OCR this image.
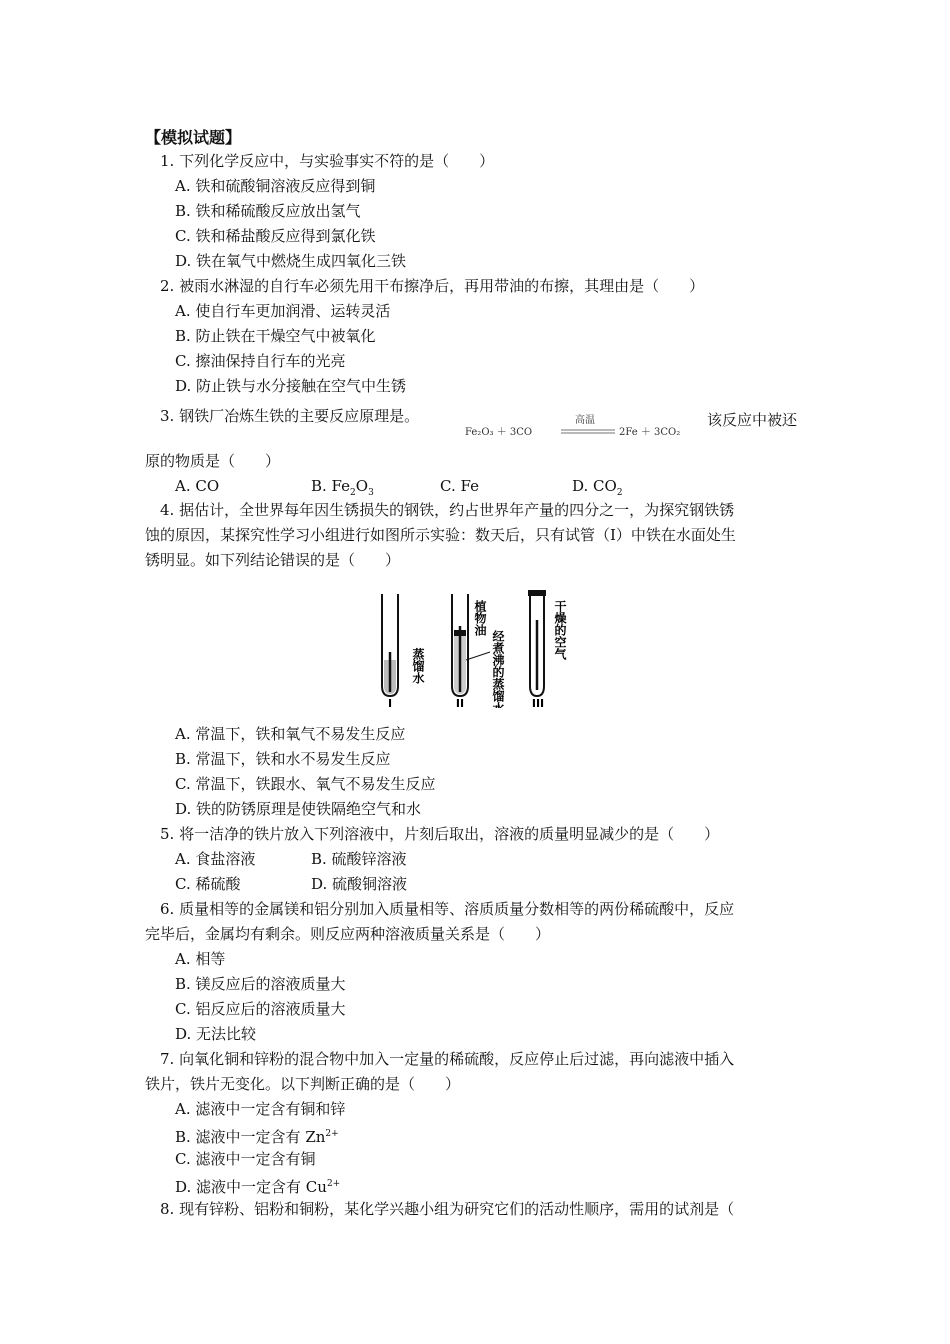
【模拟试题】
1. 下列化学反应中，与实验事实不符的是（　　）
A. 铁和硫酸铜溶液反应得到铜
B. 铁和稀硫酸反应放出氢气
C. 铁和稀盐酸反应得到氯化铁
D. 铁在氧气中燃烧生成四氧化三铁
2. 被雨水淋湿的自行车必须先用干布擦净后，再用带油的布擦，其理由是（　　）
A. 使自行车更加润滑、运转灵活
B. 防止铁在干燥空气中被氧化
C. 擦油保持自行车的光亮
D. 防止铁与水分接触在空气中生锈
3. 钢铁厂冶炼生铁的主要反应原理是。
Fe₂O₃ ＋ 3CO
高温
2Fe ＋ 3CO₂
该反应中被还
原的物质是（　　）
A. CO	B. $Fe_2O_3$	C. Fe	D. $CO_2$
4. 据估计，全世界每年因生锈损失的钢铁，约占世界年产量的四分之一，为探究钢铁锈
蚀的原因，某探究性学习小组进行如图所示实验：数天后，只有试管（I）中铁在水面处生
锈明显。如下列结论错误的是（　　）
I
蒸馏水
II
植物油
经煮沸的蒸馏水 III
干燥的空气
A. 常温下，铁和氧气不易发生反应
B. 常温下，铁和水不易发生反应
C. 常温下，铁跟水、氧气不易发生反应
D. 铁的防锈原理是使铁隔绝空气和水
5. 将一洁净的铁片放入下列溶液中，片刻后取出，溶液的质量明显减少的是（　　）
A. 食盐溶液	B. 硫酸锌溶液
C. 稀硫酸	D. 硫酸铜溶液
6. 质量相等的金属镁和铝分别加入质量相等、溶质质量分数相等的两份稀硫酸中，反应
完毕后，金属均有剩余。则反应两种溶液质量关系是（　　）
A. 相等
B. 镁反应后的溶液质量大
C. 铝反应后的溶液质量大
D. 无法比较
7. 向氧化铜和锌粉的混合物中加入一定量的稀硫酸，反应停止后过滤，再向滤液中插入
铁片，铁片无变化。以下判断正确的是（　　）
A. 滤液中一定含有铜和锌
B. 滤液中一定含有 $Zn^{2+}$
C. 滤液中一定含有铜
D. 滤液中一定含有 $Cu^{2+}$
8. 现有锌粉、铝粉和铜粉，某化学兴趣小组为研究它们的活动性顺序，需用的试剂是（
